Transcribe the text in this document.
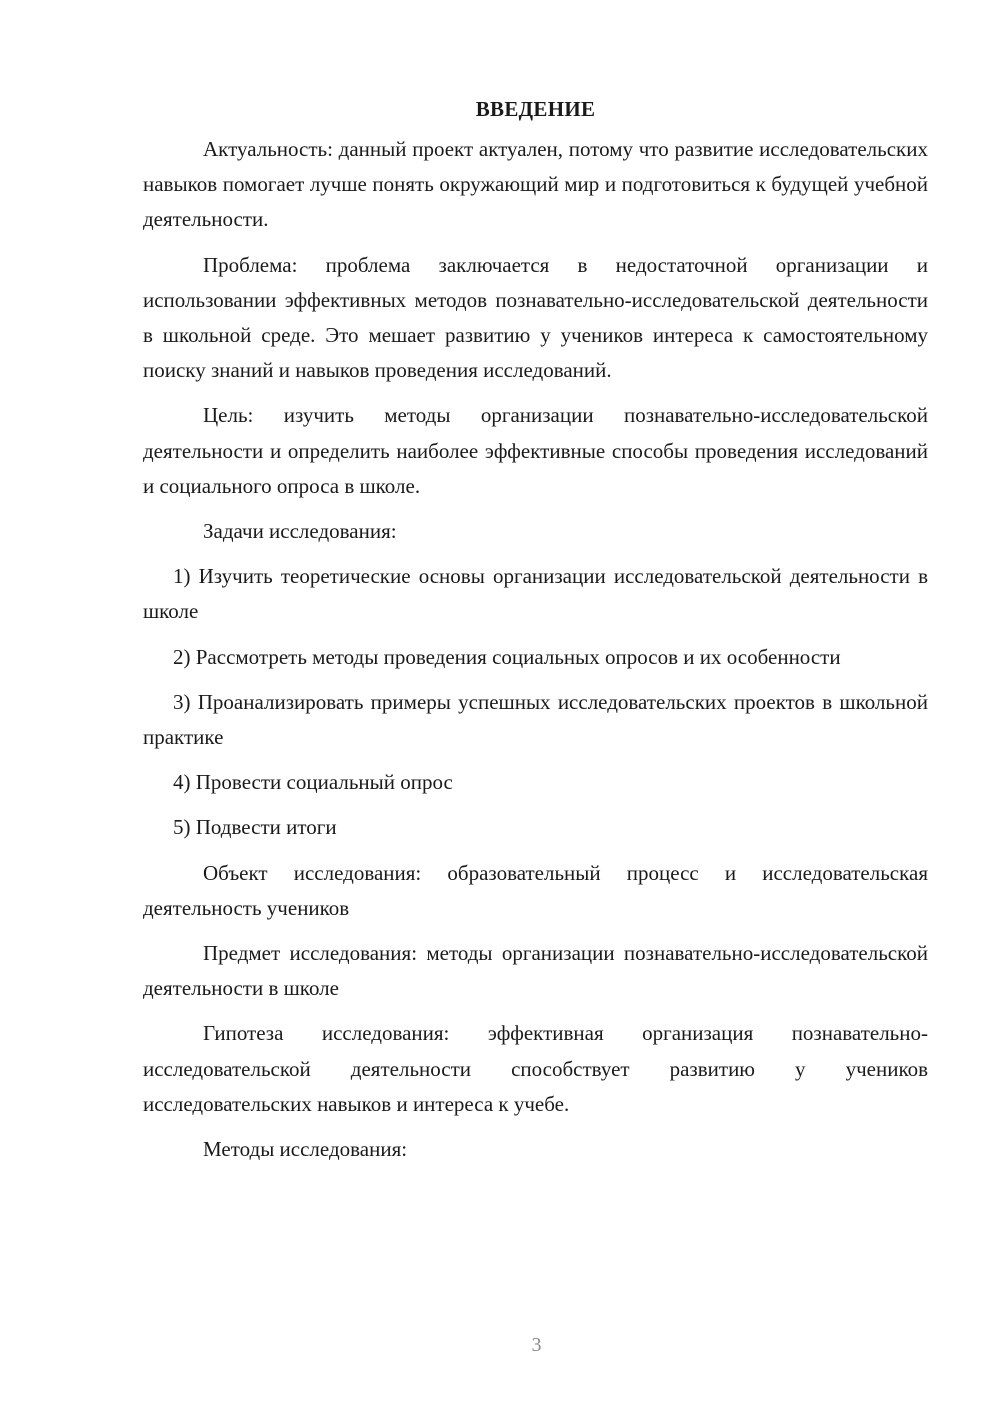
ВВЕДЕНИЕ

Актуальность: данный проект актуален, потому что развитие исследовательских навыков помогает лучше понять окружающий мир и подготовиться к будущей учебной деятельности.

Проблема: проблема заключается в недостаточной организации и использовании эффективных методов познавательно-исследовательской деятельности в школьной среде. Это мешает развитию у учеников интереса к самостоятельному поиску знаний и навыков проведения исследований.

Цель: изучить методы организации познавательно-исследовательской деятельности и определить наиболее эффективные способы проведения исследований и социального опроса в школе.

Задачи исследования:

1) Изучить теоретические основы организации исследовательской деятельности в школе

2) Рассмотреть методы проведения социальных опросов и их особенности

3) Проанализировать примеры успешных исследовательских проектов в школьной практике

4) Провести социальный опрос

5) Подвести итоги

Объект исследования: образовательный процесс и исследовательская деятельность учеников

Предмет исследования: методы организации познавательно-исследовательской деятельности в школе

Гипотеза исследования: эффективная организация познавательно-исследовательской деятельности способствует развитию у учеников исследовательских навыков и интереса к учебе.

Методы исследования:

3
